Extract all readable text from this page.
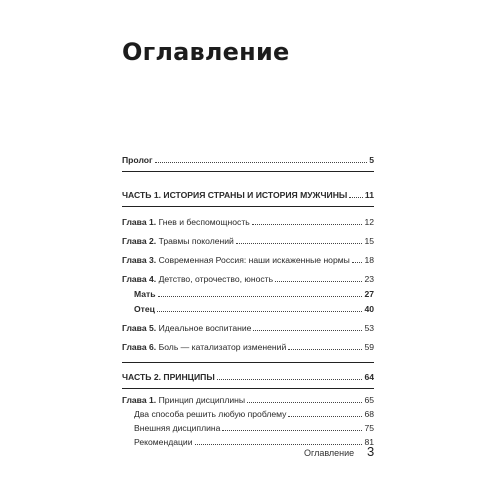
Оглавление
Пролог	5
ЧАСТЬ 1. ИСТОРИЯ СТРАНЫ И ИСТОРИЯ МУЖЧИНЫ 11
Глава 1. Гнев и беспомощность	12
Глава 2. Травмы поколений	15
Глава 3. Современная Россия: наши искаженные нормы 18
Глава 4. Детство, отрочество, юность	23
Мать	27
Отец	40
Глава 5. Идеальное воспитание	53
Глава 6. Боль — катализатор изменений	59
ЧАСТЬ 2. ПРИНЦИПЫ	64
Глава 1. Принцип дисциплины	65
Два способа решить любую проблему	68
Внешняя дисциплина	75
Рекомендации	81
Оглавление 3
